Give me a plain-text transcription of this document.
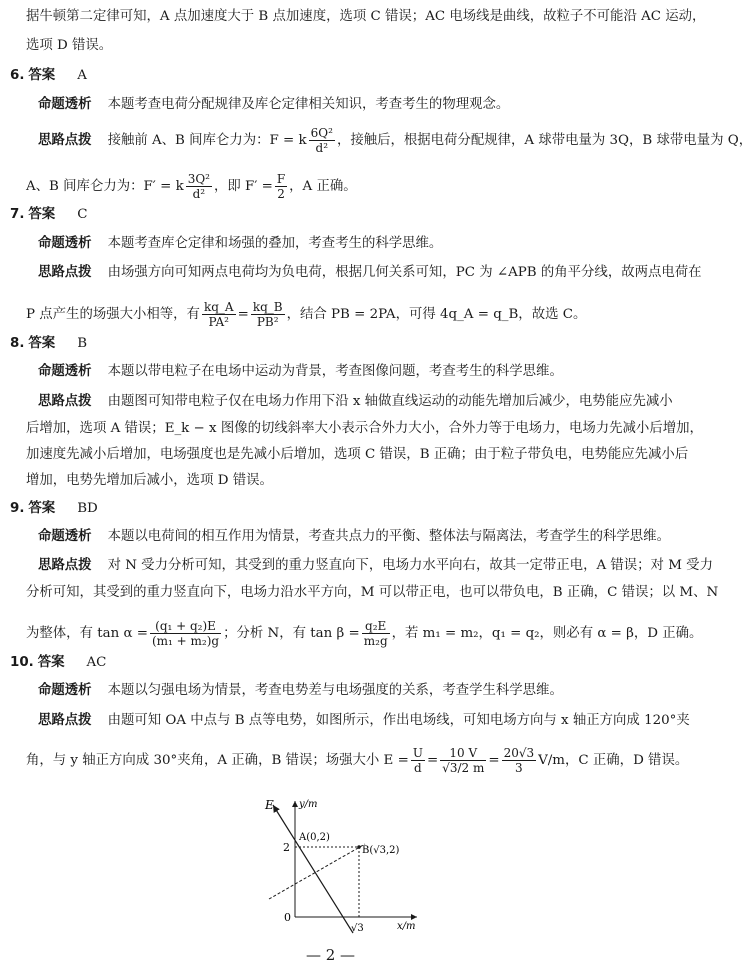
据牛顿第二定律可知，A 点加速度大于 B 点加速度，选项 C 错误；AC 电场线是曲线，故粒子不可能沿 AC 运动，
选项 D 错误。
6. 答案 A
命题透析 本题考查电荷分配规律及库仑定律相关知识，考查考生的物理观念。
思路点拨 接触前 A、B 间库仑力为：F = k $\frac{\text{6Q²}}{\text{d²}}$ ，接触后，根据电荷分配规律，A 球带电量为 3Q，B 球带电量为 Q，
A、B 间库仑力为：F′ = k $\frac{\text{3Q²}}{\text{d²}}$ ，即 $F' = \frac{F}{2}$ ，A 正确。
7. 答案 C
命题透析 本题考查库仑定律和场强的叠加，考查考生的科学思维。
思路点拨 由场强方向可知两点电荷均为负电荷，根据几何关系可知，PC 为 ∠APB 的角平分线，故两点电荷在
P 点产生的场强大小相等，有 $\frac{kq\_A}{\text{PA²}} = \frac{kq\_B}{\text{PB²}}$ ，结合 PB = 2PA，可得 4q_A = q_B，故选 C。
8. 答案 B
命题透析 本题以带电粒子在电场中运动为背景，考查图像问题，考查考生的科学思维。
思路点拨 由题图可知带电粒子仅在电场力作用下沿 x 轴做直线运动的动能先增加后减少，电势能应先减小
后增加，选项 A 错误；E_k − x 图像的切线斜率大小表示合外力大小，合外力等于电场力，电场力先减小后增加，
加速度先减小后增加，电场强度也是先减小后增加，选项 C 错误，B 正确；由于粒子带负电，电势能应先减小后
增加，电势先增加后减小，选项 D 错误。
9. 答案 BD
命题透析 本题以电荷间的相互作用为情景，考查共点力的平衡、整体法与隔离法，考查学生的科学思维。
思路点拨 对 N 受力分析可知，其受到的重力竖直向下，电场力水平向右，故其一定带正电，A 错误；对 M 受力
分析可知，其受到的重力竖直向下，电场力沿水平方向，M 可以带正电，也可以带负电，B 正确，C 错误；以 M、N
为整体，有 $\tan \alpha = \frac{\text{(q₁ + q₂)E}}{\text{(m₁ + m₂)g}}$ ；分析 N，有 $\tan \beta = \frac{\text{q₂E}}{\text{m₂g}}$ ，若 m₁ = m₂，q₁ = q₂，则必有 α = β，D 正确。
10. 答案 AC
命题透析 本题以匀强电场为情景，考查电势差与电场强度的关系，考查学生科学思维。
思路点拨 由题可知 OA 中点与 B 点等电势，如图所示，作出电场线，可知电场方向与 x 轴正方向成 120°夹
角，与 y 轴正方向成 30°夹角，A 正确，B 错误；场强大小 $E = \frac{U}{d} = \frac{10 V}{√3/2 m} = \frac{20√3}{3} V/m$，C 正确，D 错误。
y/m
x/m
E
A(0,2)
B(√3,2)
2
0
√3
— 2 —
